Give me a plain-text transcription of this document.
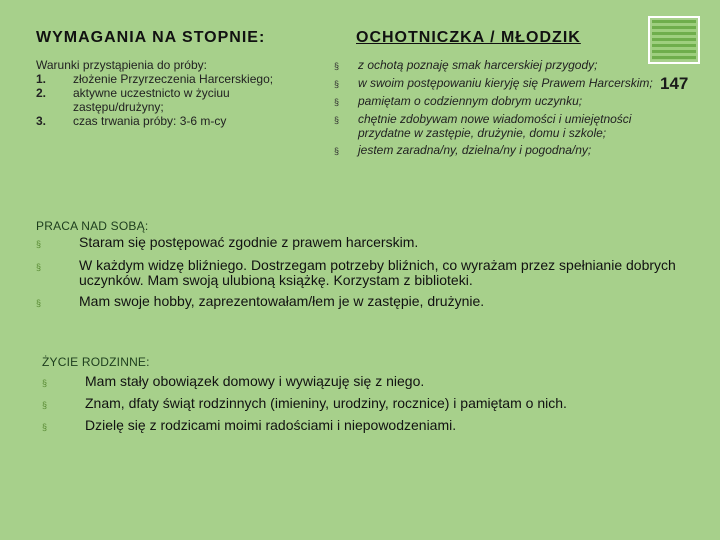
WYMAGANIA NA STOPNIE:	OCHOTNICZKA / MŁODZIK
147
Warunki przystąpienia do próby:
1.	złożenie Przyrzeczenia Harcerskiego;
2.	aktywne uczestnicto w życiuu zastępu/drużyny;
3.	czas trwania próby: 3-6 m-cy
§	z ochotą poznaję smak harcerskiej przygody;
§	w swoim postępowaniu kieryję się Prawem Harcerskim;
§	pamiętam o codziennym dobrym uczynku;
§	chętnie zdobywam nowe wiadomości i umiejętności przydatne w zastępie, drużynie, domu i szkole;
§	jestem zaradna/ny, dzielna/ny i pogodna/ny;
PRACA NAD SOBĄ:
§	Staram się postępować zgodnie z prawem harcerskim.
§	W każdym widzę bliźniego. Dostrzegam potrzeby bliźnich, co wyrażam przez spełnianie dobrych uczynków. Mam swoją ulubioną książkę. Korzystam z biblioteki.
§	Mam swoje hobby, zaprezentowałam/łem je w zastępie, drużynie.
ŻYCIE RODZINNE:
§	Mam stały obowiązek domowy i wywiązuję się z niego.
§	Znam, dfaty świąt rodzinnych (imieniny, urodziny, rocznice) i pamiętam o nich.
§	Dzielę się z rodzicami moimi radościami i niepowodzeniami.
